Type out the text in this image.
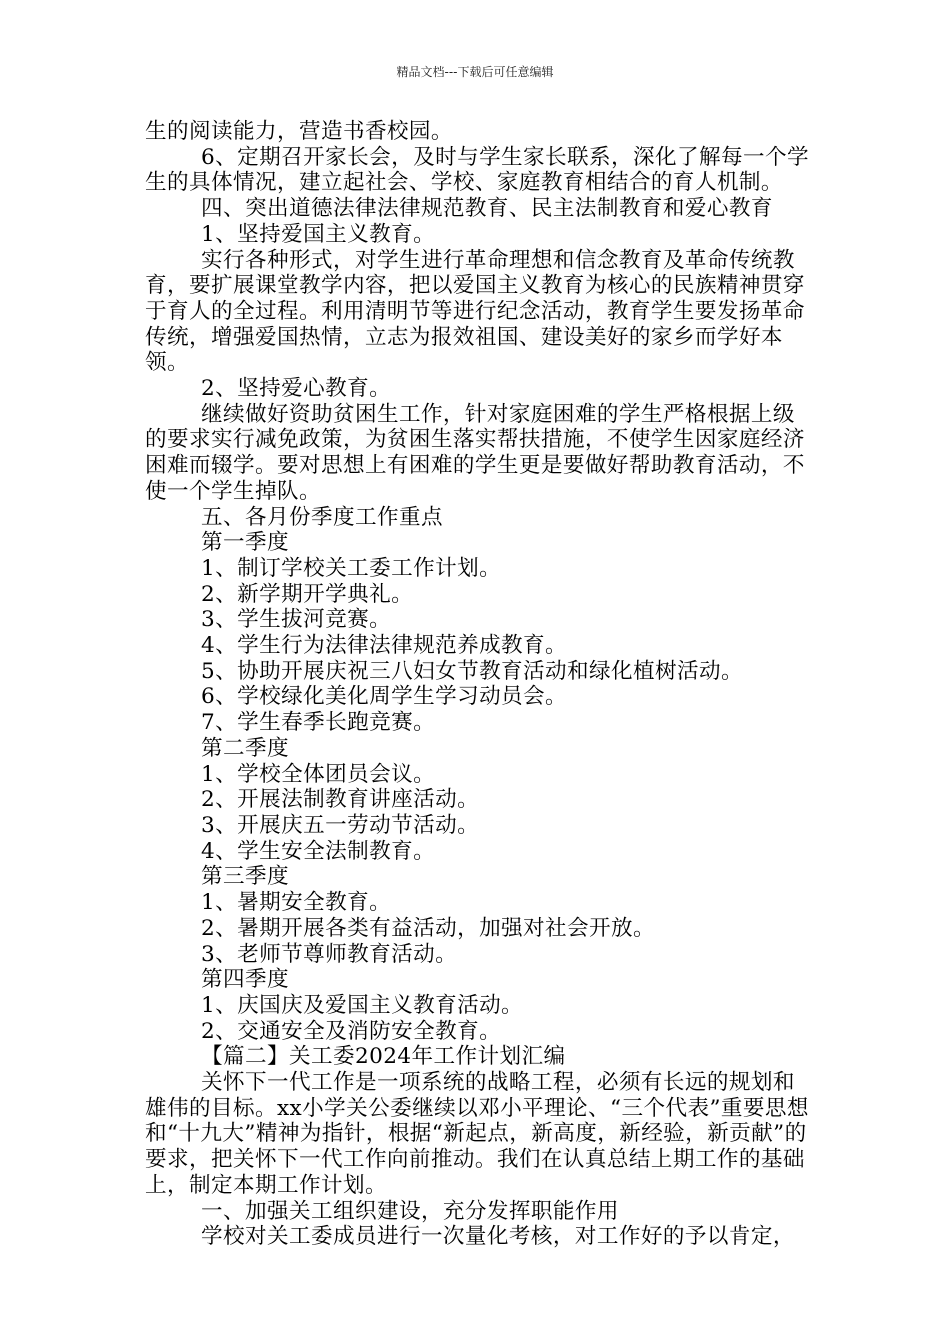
精品文档---下载后可任意编辑

生的阅读能力，营造书香校园。

6、定期召开家长会，及时与学生家长联系，深化了解每一个学生的具体情况，建立起社会、学校、家庭教育相结合的育人机制。

四、突出道德法律法律规范教育、民主法制教育和爱心教育

1、坚持爱国主义教育。

实行各种形式，对学生进行革命理想和信念教育及革命传统教育，要扩展课堂教学内容，把以爱国主义教育为核心的民族精神贯穿于育人的全过程。利用清明节等进行纪念活动，教育学生要发扬革命传统，增强爱国热情，立志为报效祖国、建设美好的家乡而学好本领。

2、坚持爱心教育。

继续做好资助贫困生工作，针对家庭困难的学生严格根据上级的要求实行减免政策，为贫困生落实帮扶措施，不使学生因家庭经济困难而辍学。要对思想上有困难的学生更是要做好帮助教育活动，不使一个学生掉队。

五、各月份季度工作重点

第一季度

1、制订学校关工委工作计划。

2、新学期开学典礼。

3、学生拔河竞赛。

4、学生行为法律法律规范养成教育。

5、协助开展庆祝三八妇女节教育活动和绿化植树活动。

6、学校绿化美化周学生学习动员会。

7、学生春季长跑竞赛。

第二季度

1、学校全体团员会议。

2、开展法制教育讲座活动。

3、开展庆五一劳动节活动。

4、学生安全法制教育。

第三季度

1、暑期安全教育。

2、暑期开展各类有益活动，加强对社会开放。

3、老师节尊师教育活动。

第四季度

1、庆国庆及爱国主义教育活动。

2、交通安全及消防安全教育。

【篇二】关工委2024年工作计划汇编

关怀下一代工作是一项系统的战略工程，必须有长远的规划和雄伟的目标。xx小学关公委继续以邓小平理论、“三个代表”重要思想和“十九大”精神为指针，根据“新起点，新高度，新经验，新贡献”的要求，把关怀下一代工作向前推动。我们在认真总结上期工作的基础上，制定本期工作计划。

一、加强关工组织建设，充分发挥职能作用

学校对关工委成员进行一次量化考核，对工作好的予以肯定，
